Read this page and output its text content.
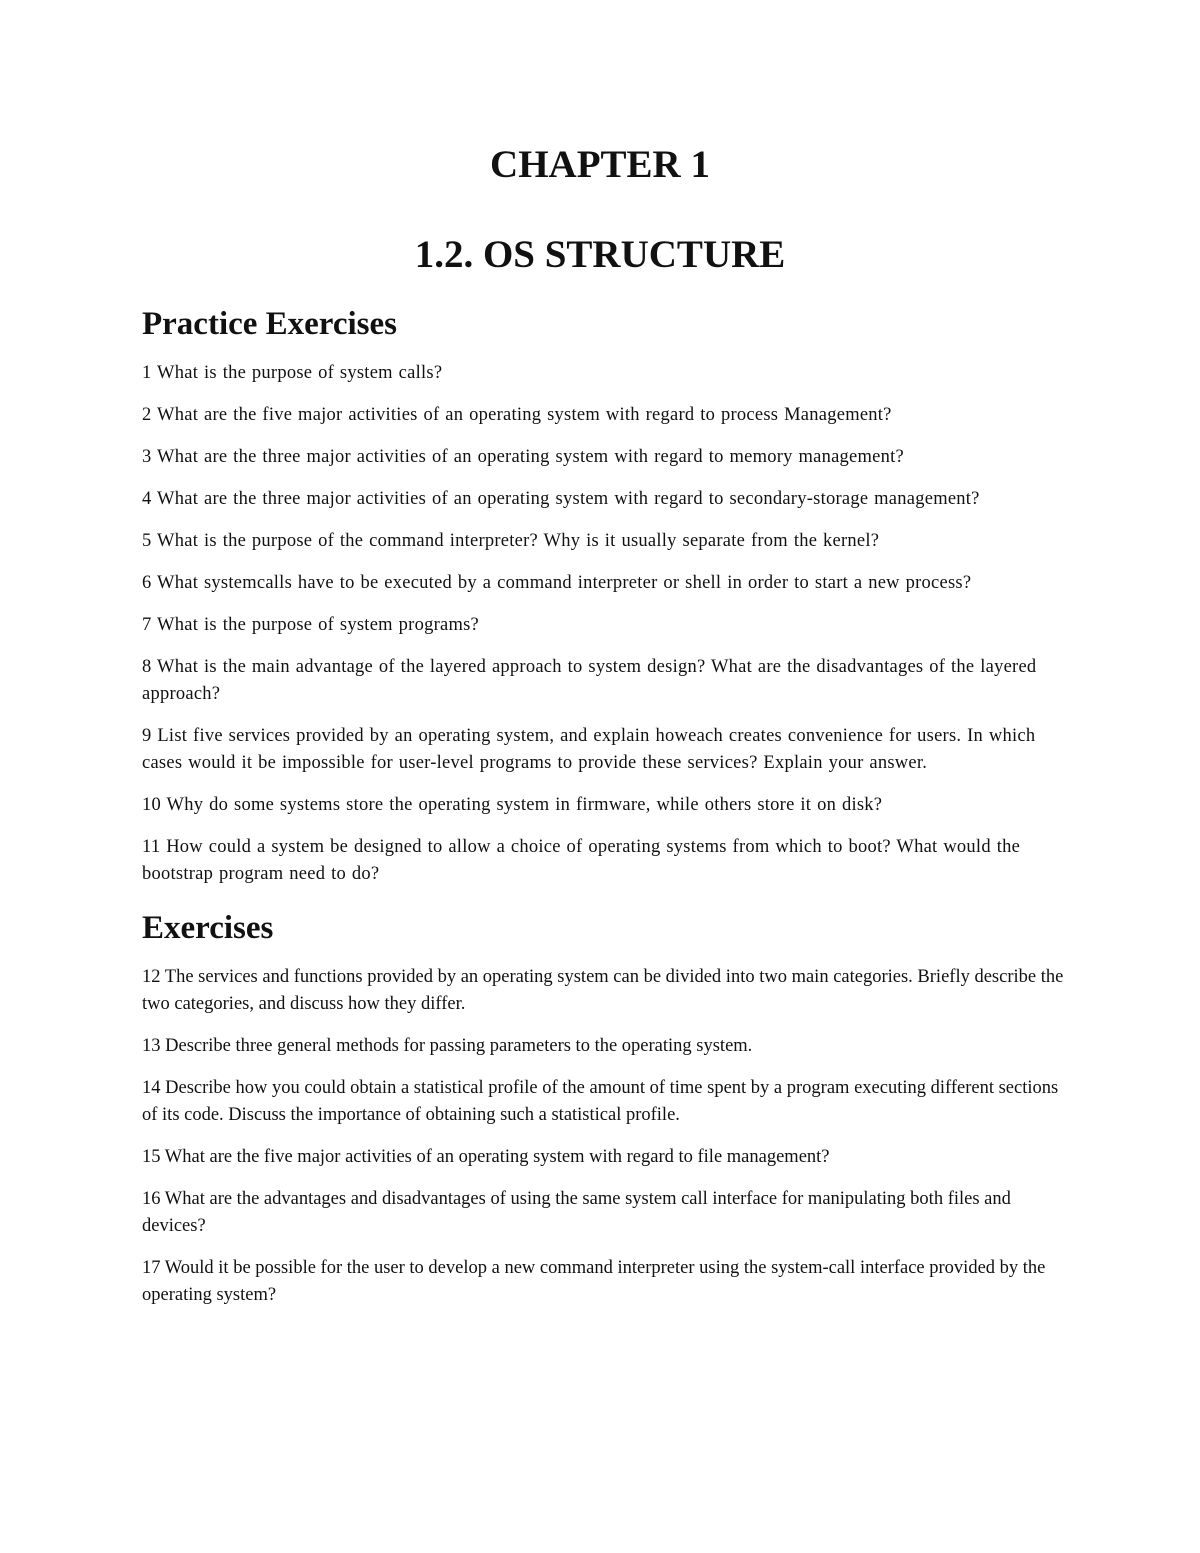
CHAPTER 1
1.2. OS STRUCTURE
Practice Exercises

1 What is the purpose of system calls?

2 What are the five major activities of an operating system with regard to process Management?

3 What are the three major activities of an operating system with regard to memory management?

4 What are the three major activities of an operating system with regard to secondary-storage management?

5 What is the purpose of the command interpreter? Why is it usually separate from the kernel?

6 What systemcalls have to be executed by a command interpreter or shell in order to start a new process?

7 What is the purpose of system programs?

8 What is the main advantage of the layered approach to system design? What are the disadvantages of the layered approach?

9 List five services provided by an operating system, and explain howeach creates convenience for users. In which cases would it be impossible for user-level programs to provide these services? Explain your answer.

10 Why do some systems store the operating system in firmware, while others store it on disk?

11 How could a system be designed to allow a choice of operating systems from which to boot? What would the bootstrap program need to do?

Exercises

12 The services and functions provided by an operating system can be divided into two main categories. Briefly describe the two categories, and discuss how they differ.

13 Describe three general methods for passing parameters to the operating system.

14 Describe how you could obtain a statistical profile of the amount of time spent by a program executing different sections of its code. Discuss the importance of obtaining such a statistical profile.

15 What are the five major activities of an operating system with regard to file management?

16 What are the advantages and disadvantages of using the same system call interface for manipulating both files and devices?

17 Would it be possible for the user to develop a new command interpreter using the system-call interface provided by the operating system?
